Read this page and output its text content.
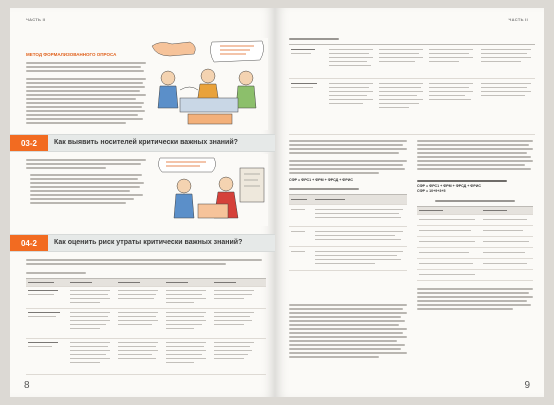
ЧАСТЬ II
МЕТОД ФОРМАЛИЗОВАННОГО ОПРОСА
03-2	Как выявить носителей критически важных знаний?
04-2	Как оценить риск утраты критически важных знаний?
8
ЧАСТЬ II
СФР = ФРС1 + ФРМ + ФРСД + ФРИС
СФР = ФРС1 + ФРМ + ФРСД + ФРИС
СФР = 10+9+3+5
9
